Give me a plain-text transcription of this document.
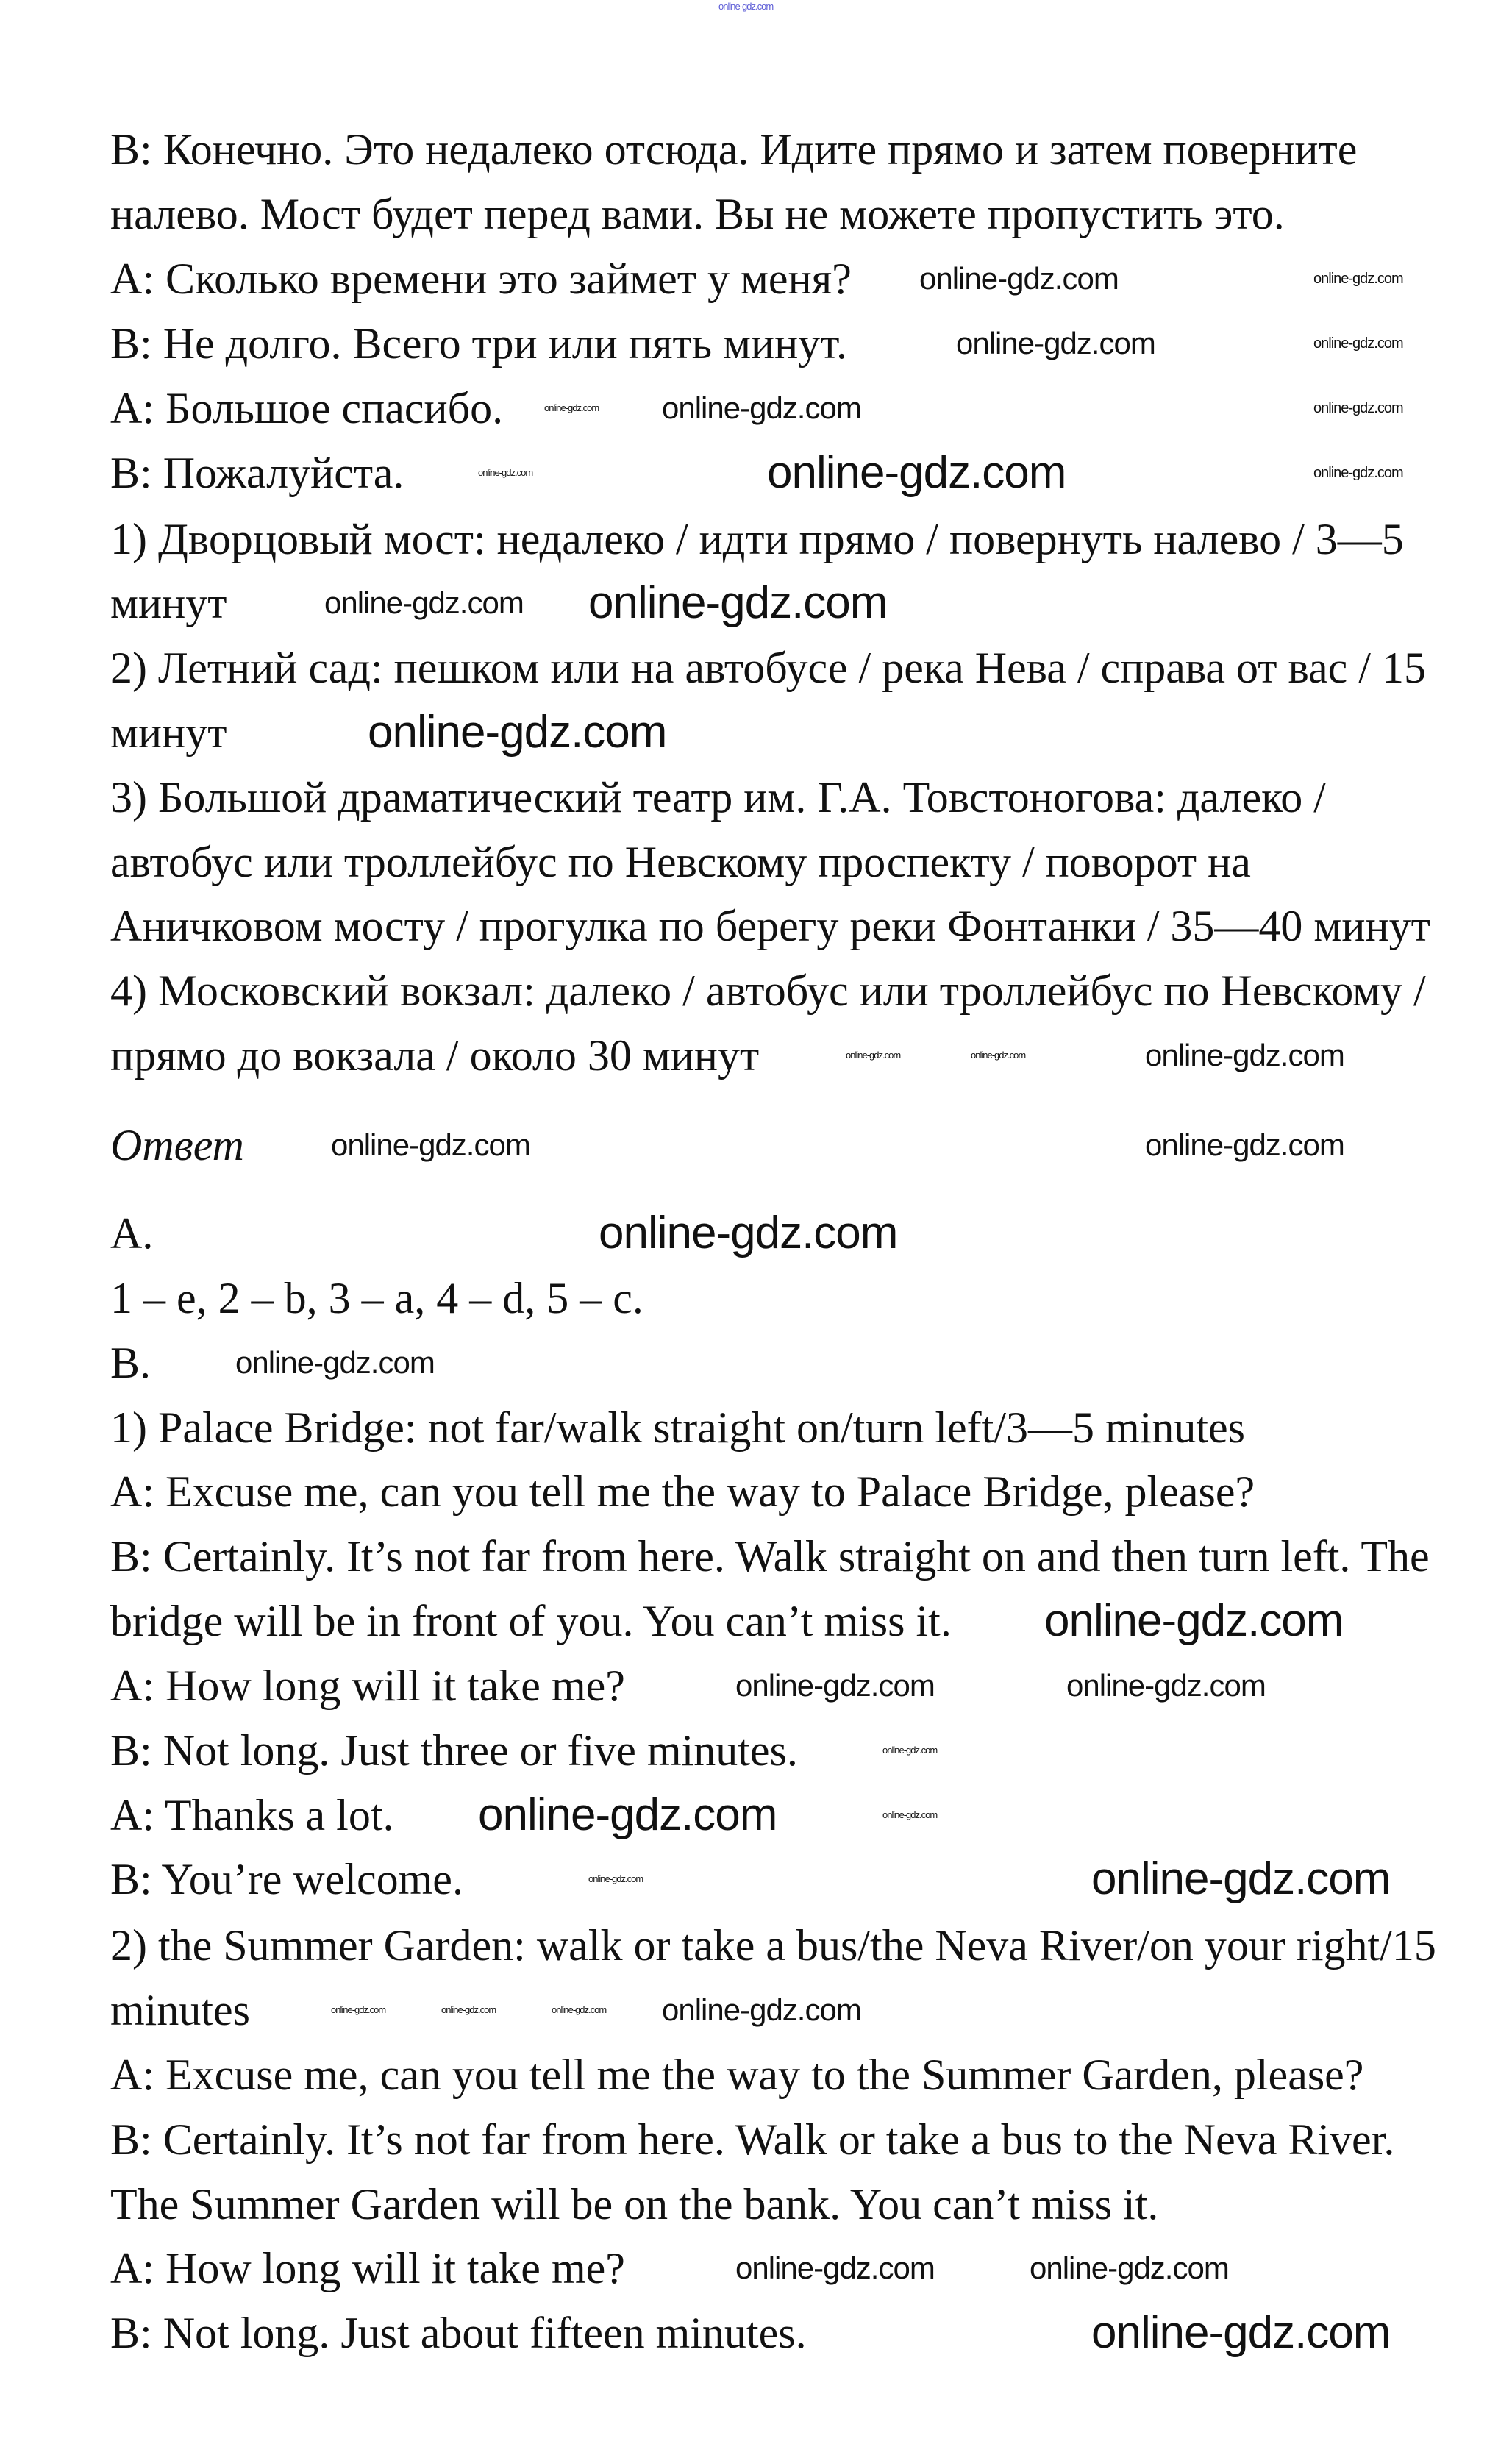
B: Конечно. Это недалеко отсюда. Идите прямо и затем поверните
налево. Мост будет перед вами. Вы не можете пропустить это.
A: Сколько времени это займет у меня?
B: Не долго. Всего три или пять минут.
A: Большое спасибо.
B: Пожалуйста.
1) Дворцовый мост: недалеко / идти прямо / повернуть налево / 3—5
минут
2) Летний сад: пешком или на автобусе / река Нева / справа от вас / 15
минут
3) Большой драматический театр им. Г.А. Товстоногова: далеко /
автобус или троллейбус по Невскому проспекту / поворот на
Аничковом мосту / прогулка по берегу реки Фонтанки / 35—40 минут
4) Московский вокзал: далеко / автобус или троллейбус по Невскому /
прямо до вокзала / около 30 минут
Ответ
A.
1 – e, 2 – b, 3 – a, 4 – d, 5 – c.
B.
1) Palace Bridge: not far/walk straight on/turn left/3—5 minutes
A: Excuse me, can you tell me the way to Palace Bridge, please?
B: Certainly. It’s not far from here. Walk straight on and then turn left. The
bridge will be in front of you. You can’t miss it.
A: How long will it take me?
B: Not long. Just three or five minutes.
A: Thanks a lot.
B: You’re welcome.
2) the Summer Garden: walk or take a bus/the Neva River/on your right/15
minutes
A: Excuse me, can you tell me the way to the Summer Garden, please?
B: Certainly. It’s not far from here. Walk or take a bus to the Neva River.
The Summer Garden will be on the bank. You can’t miss it.
A: How long will it take me?
B: Not long. Just about fifteen minutes.
online-gdz.com
online-gdz.com	online-gdz.com
online-gdz.com	online-gdz.com
online-gdz.com online-gdz.com	online-gdz.com
online-gdz.com	online-gdz.com	online-gdz.com
online-gdz.com online-gdz.com
online-gdz.com
online-gdz.com	online-gdz.com	online-gdz.com
online-gdz.com	online-gdz.com
online-gdz.com
online-gdz.com
online-gdz.com
online-gdz.com	online-gdz.com
online-gdz.com
online-gdz.com	online-gdz.com
online-gdz.com	online-gdz.com
online-gdz.com	online-gdz.com	online-gdz.com online-gdz.com
online-gdz.com	online-gdz.com
online-gdz.com
